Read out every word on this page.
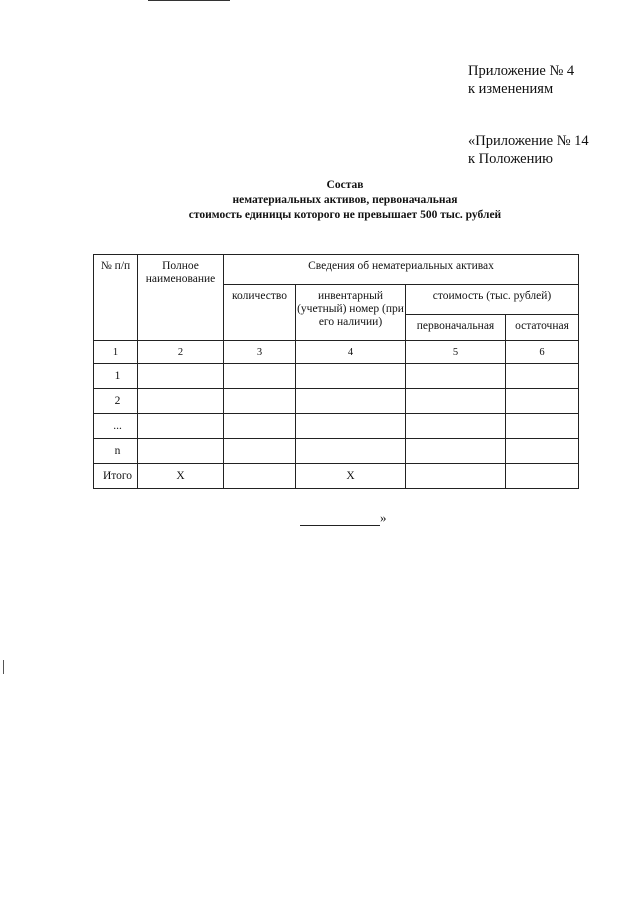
Приложение № 4
к изменениям
«Приложение № 14
к Положению
Состав
нематериальных активов, первоначальная
стоимость единицы которого не превышает 500 тыс. рублей
№ п/п	Полное наименование	Сведения об нематериальных активах			
		количество	инвентарный (учетный) номер (при его наличии)	стоимость (тыс. рублей)	
				первоначальная	остаточная
1	2	3	4	5	6
1					
2					
...					
n					
Итого	Х		Х		
»
